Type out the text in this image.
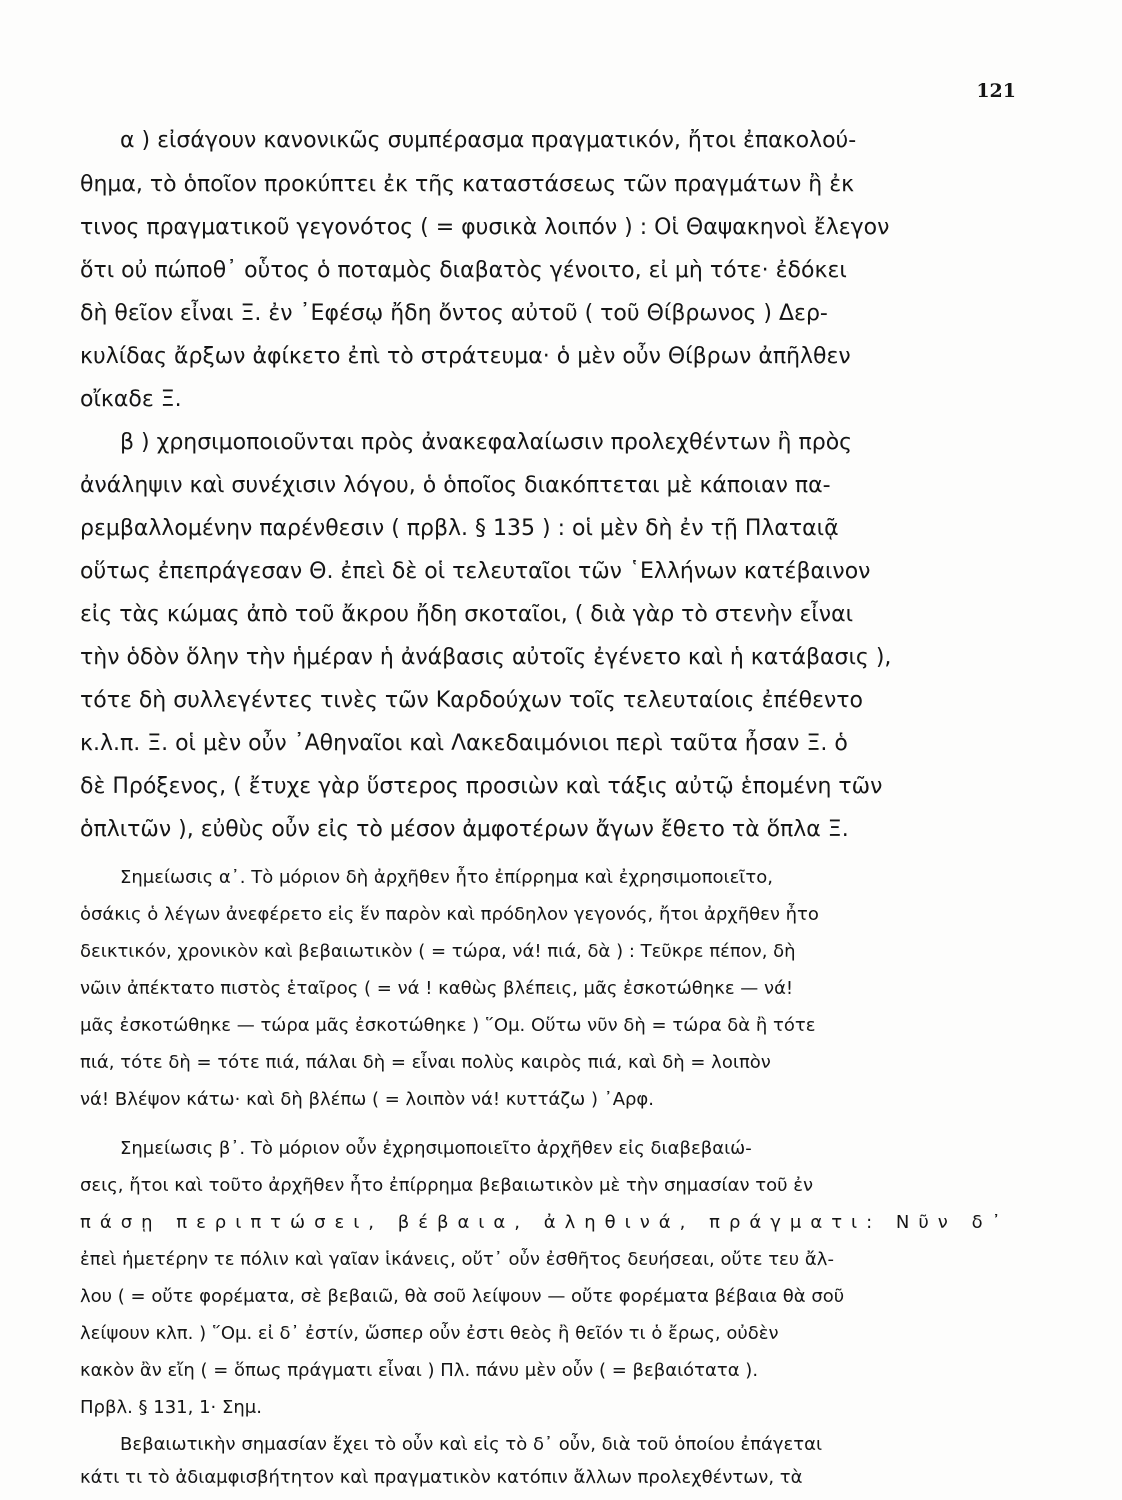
121
α ) εἰσάγουν κανονικῶς συμπέρασμα πραγματικόν, ἤτοι ἐπακολού-
θημα, τὸ ὁποῖον προκύπτει ἐκ τῆς καταστάσεως τῶν πραγμάτων ἢ ἐκ
τινος πραγματικοῦ γεγονότος ( = φυσικὰ λοιπόν ) : Οἱ Θαψακηνοὶ ἔλεγον
ὅτι οὐ πώποθ᾽ οὗτος ὁ ποταμὸς διαβατὸς γένοιτο, εἰ μὴ τότε· ἐδόκει
δὴ θεῖον εἶναι Ξ. ἐν ᾿Εφέσῳ ἤδη ὄντος αὐτοῦ ( τοῦ Θίβρωνος ) Δερ-
κυλίδας ἄρξων ἀφίκετο ἐπὶ τὸ στράτευμα· ὁ μὲν οὖν Θίβρων ἀπῆλθεν
οἴκαδε Ξ.
β ) χρησιμοποιοῦνται πρὸς ἀνακεφαλαίωσιν προλεχθέντων ἢ πρὸς
ἀνάληψιν καὶ συνέχισιν λόγου, ὁ ὁποῖος διακόπτεται μὲ κάποιαν πα-
ρεμβαλλομένην παρένθεσιν ( πρβλ. § 135 ) : οἱ μὲν δὴ ἐν τῇ Πλαταιᾷ
οὕτως ἐπεπράγεσαν Θ. ἐπεὶ δὲ οἱ τελευταῖοι τῶν ῾Ελλήνων κατέβαινον
εἰς τὰς κώμας ἀπὸ τοῦ ἄκρου ἤδη σκοταῖοι, ( διὰ γὰρ τὸ στενὴν εἶναι
τὴν ὁδὸν ὅλην τὴν ἡμέραν ἡ ἀνάβασις αὐτοῖς ἐγένετο καὶ ἡ κατάβασις ),
τότε δὴ συλλεγέντες τινὲς τῶν Καρδούχων τοῖς τελευταίοις ἐπέθεντο
κ.λ.π. Ξ. οἱ μὲν οὖν ᾿Αθηναῖοι καὶ Λακεδαιμόνιοι περὶ ταῦτα ἦσαν Ξ. ὁ
δὲ Πρόξενος, ( ἔτυχε γὰρ ὕστερος προσιὼν καὶ τάξις αὐτῷ ἑπομένη τῶν
ὁπλιτῶν ), εὐθὺς οὖν εἰς τὸ μέσον ἀμφοτέρων ἄγων ἔθετο τὰ ὅπλα Ξ.
Σημείωσις α᾽. Τὸ μόριον δὴ ἀρχῆθεν ἦτο ἐπίρρημα καὶ ἐχρησιμοποιεῖτο,
ὁσάκις ὁ λέγων ἀνεφέρετο εἰς ἕν παρὸν καὶ πρόδηλον γεγονός, ἤτοι ἀρχῆθεν ἦτο
δεικτικόν, χρονικὸν καὶ βεβαιωτικὸν ( = τώρα, νά! πιά, δὰ ) : Τεῦκρε πέπον, δὴ
νῶιν ἀπέκτατο πιστὸς ἑταῖρος ( = νά ! καθὼς βλέπεις, μᾶς ἐσκοτώθηκε — νά!
μᾶς ἐσκοτώθηκε — τώρα μᾶς ἐσκοτώθηκε ) ῞Ομ. Οὕτω νῦν δὴ = τώρα δὰ ἢ τότε
πιά, τότε δὴ = τότε πιά, πάλαι δὴ = εἶναι πολὺς καιρὸς πιά, καὶ δὴ = λοιπὸν
νά! Βλέψον κάτω· καὶ δὴ βλέπω ( = λοιπὸν νά! κυττάζω ) ᾿Αρφ.
Σημείωσις β᾽. Τὸ μόριον οὖν ἐχρησιμοποιεῖτο ἀρχῆθεν εἰς διαβεβαιώ-
σεις, ἤτοι καὶ τοῦτο ἀρχῆθεν ἦτο ἐπίρρημα βεβαιωτικὸν μὲ τὴν σημασίαν τοῦ ἐν
πάσῃ περιπτώσει, βέβαια, ἀληθινά, πράγματι: Νῦν δ᾽
ἐπεὶ ἡμετέρην τε πόλιν καὶ γαῖαν ἱκάνεις, οὔτ᾽ οὖν ἐσθῆτος δευήσεαι, οὔτε τευ ἄλ-
λου ( = οὔτε φορέματα, σὲ βεβαιῶ, θὰ σοῦ λείψουν — οὔτε φορέματα βέβαια θὰ σοῦ
λείψουν κλπ. ) ῞Ομ. εἰ δ᾽ ἐστίν, ὥσπερ οὖν ἐστι θεὸς ἢ θεῖόν τι ὁ ἔρως, οὐδὲν
κακὸν ἂν εἴη ( = ὅπως πράγματι εἶναι ) Πλ. πάνυ μὲν οὖν ( = βεβαιότατα ).
Πρβλ. § 131, 1· Σημ.
Βεβαιωτικὴν σημασίαν ἔχει τὸ οὖν καὶ εἰς τὸ δ᾽ οὖν, διὰ τοῦ ὁποίου ἐπάγεται
κάτι τι τὸ ἀδιαμφισβήτητον καὶ πραγματικὸν κατόπιν ἄλλων προλεχθέντων, τὰ
